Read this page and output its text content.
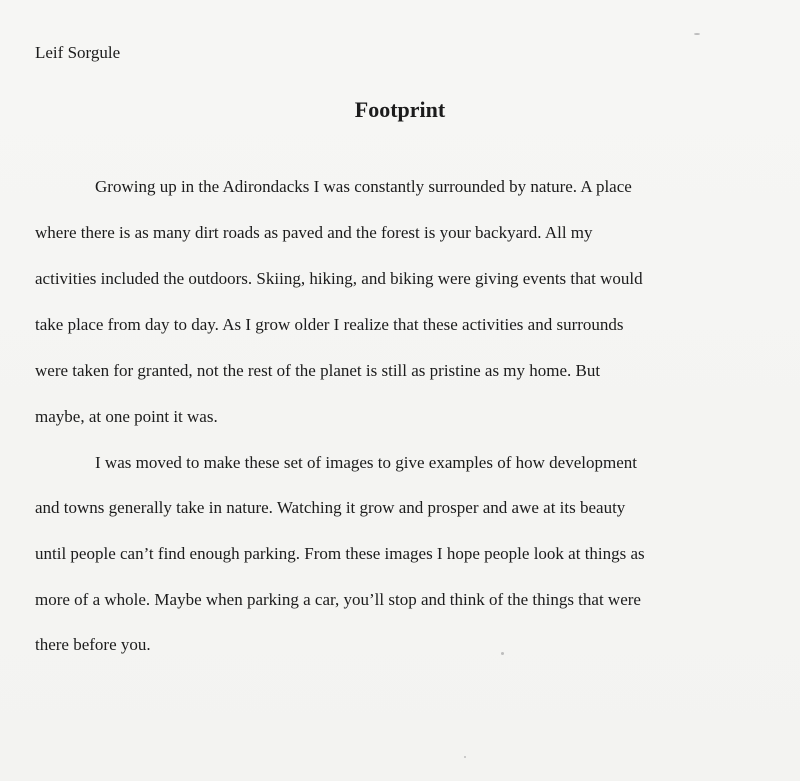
Leif Sorgule
Footprint
Growing up in the Adirondacks I was constantly surrounded by nature. A place
where there is as many dirt roads as paved and the forest is your backyard. All my
activities included the outdoors. Skiing, hiking, and biking were giving events that would
take place from day to day. As I grow older I realize that these activities and surrounds
were taken for granted, not the rest of the planet is still as pristine as my home. But
maybe, at one point it was.
I was moved to make these set of images to give examples of how development
and towns generally take in nature. Watching it grow and prosper and awe at its beauty
until people can’t find enough parking. From these images I hope people look at things as
more of a whole. Maybe when parking a car, you’ll stop and think of the things that were
there before you.
